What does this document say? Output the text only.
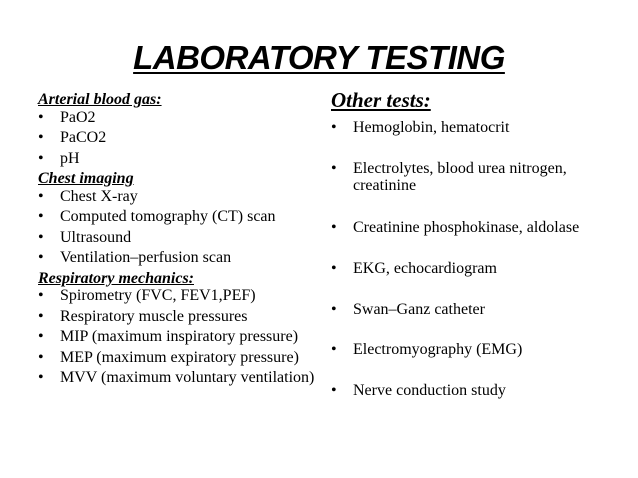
LABORATORY TESTING
Arterial blood gas:
• PaO2
• PaCO2
• pH
Chest imaging
• Chest X-ray
• Computed tomography (CT) scan
• Ultrasound
• Ventilation–perfusion scan
Respiratory mechanics:
• Spirometry (FVC, FEV1,PEF)
• Respiratory muscle pressures
• MIP (maximum inspiratory pressure)
• MEP (maximum expiratory pressure)
• MVV (maximum voluntary ventilation)
Other tests:
• Hemoglobin, hematocrit
• Electrolytes, blood urea nitrogen, creatinine
• Creatinine phosphokinase, aldolase
• EKG, echocardiogram
• Swan–Ganz catheter
• Electromyography (EMG)
• Nerve conduction study
